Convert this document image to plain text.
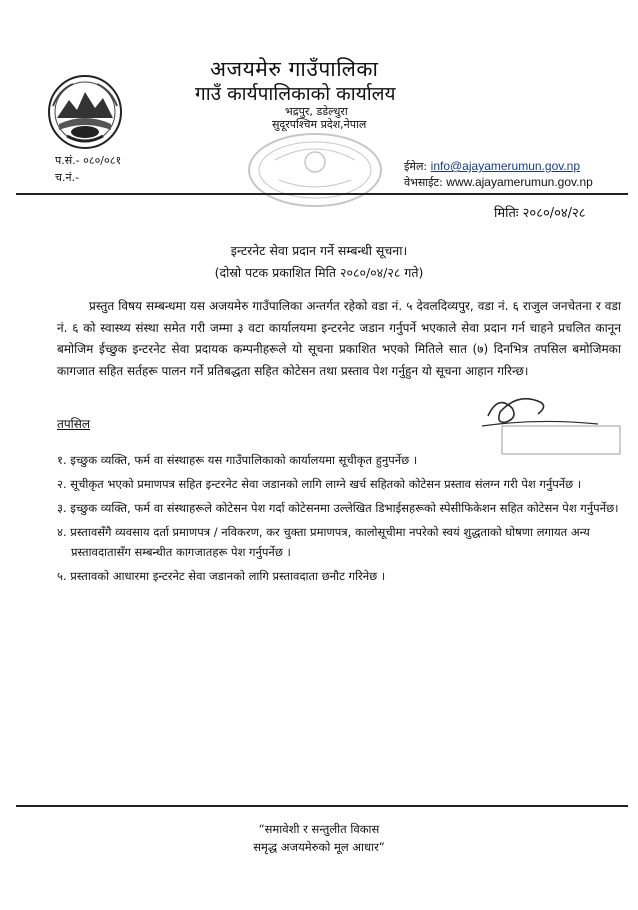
अजयमेरु गाउँपालिका
गाउँ कार्यपालिकाको कार्यालय
भद्रपुर, डडेल्धुरा
सुदूरपश्चिम प्रदेश,नेपाल
प.सं.- ०८०/०८१
च.नं.-
ईमेल: info@ajayamerumun.gov.np
वेभसाईट: www.ajayamerumun.gov.np
मितिः २०८०/०४/२८
इन्टरनेट सेवा प्रदान गर्ने सम्बन्धी सूचना।
(दोस्रो पटक प्रकाशित मिति २०८०/०४/२८ गते)
प्रस्तुत विषय सम्बन्धमा यस अजयमेरु गाउँपालिका अन्तर्गत रहेको वडा नं. ५ देवलदिव्यपुर, वडा नं. ६ राजुल जनचेतना र वडा नं. ६ को स्वास्थ्य संस्था समेत गरी जम्मा ३ वटा कार्यालयमा इन्टरनेट जडान गर्नुपर्ने भएकाले सेवा प्रदान गर्न चाहने प्रचलित कानून बमोजिम ईच्छुक इन्टरनेट सेवा प्रदायक कम्पनीहरूले यो सूचना प्रकाशित भएको मितिले सात (७) दिनभित्र तपसिल बमोजिमका कागजात सहित सर्तहरू पालन गर्ने प्रतिबद्धता सहित कोटेसन तथा प्रस्ताव पेश गर्नुहुन यो सूचना आहान गरिन्छ।
तपसिल
१. इच्छुक व्यक्ति, फर्म वा संस्थाहरू यस गाउँपालिकाको कार्यालयमा सूचीकृत हुनुपर्नेछ ।
२. सूचीकृत भएको प्रमाणपत्र सहित इन्टरनेट सेवा जडानको लागि लाग्ने खर्च सहितको कोटेसन प्रस्ताव संलग्न गरी पेश गर्नुपर्नेछ ।
३. इच्छुक व्यक्ति, फर्म वा संस्थाहरूले कोटेसन पेश गर्दा कोटेसनमा उल्लेखित डिभाईसहरूको स्पेसीफिकेशन सहित कोटेसन पेश गर्नुपर्नेछ।
४. प्रस्तावसँगै व्यवसाय दर्ता प्रमाणपत्र / नविकरण, कर चुक्ता प्रमाणपत्र, कालोसूचीमा नपरेको स्वयं शुद्धताको घोषणा लगायत अन्य प्रस्तावदातासँग सम्बन्धीत कागजातहरू पेश गर्नुपर्नेछ ।
५. प्रस्तावको आधारमा इन्टरनेट सेवा जडानको लागि प्रस्तावदाता छनौट गरिनेछ ।
“समावेशी र सन्तुलीत विकास
समृद्ध अजयमेरुको मूल आधार”
